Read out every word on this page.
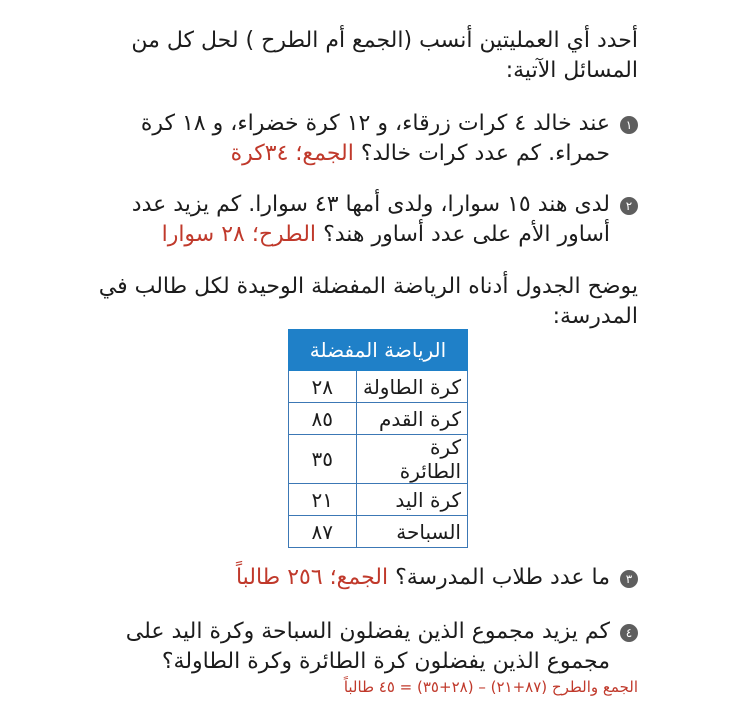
أحدد أي العمليتين أنسب (الجمع أم الطرح ) لحل كل من المسائل الآتية:
١
عند خالد ٤ كرات زرقاء، و ١٢ كرة خضراء، و ١٨ كرة حمراء. كم عدد كرات خالد؟ الجمع؛ ٣٤كرة
٢
لدى هند ١٥ سوارا، ولدى أمها ٤٣ سوارا. كم يزيد عدد أساور الأم على عدد أساور هند؟ الطرح؛ ٢٨ سوارا
يوضح الجدول أدناه الرياضة المفضلة الوحيدة لكل طالب في المدرسة:
الرياضة المفضلة	
كرة الطاولة	٢٨
كرة القدم	٨٥
كرة الطائرة	٣٥
كرة اليد	٢١
السباحة	٨٧
٣
ما عدد طلاب المدرسة؟ الجمع؛ ٢٥٦ طالباً
٤
كم يزيد مجموع الذين يفضلون السباحة وكرة اليد على مجموع الذين يفضلون كرة الطائرة وكرة الطاولة؟
الجمع والطرح (٨٧+٢١) – (٢٨+٣٥) = ٤٥ طالباً
